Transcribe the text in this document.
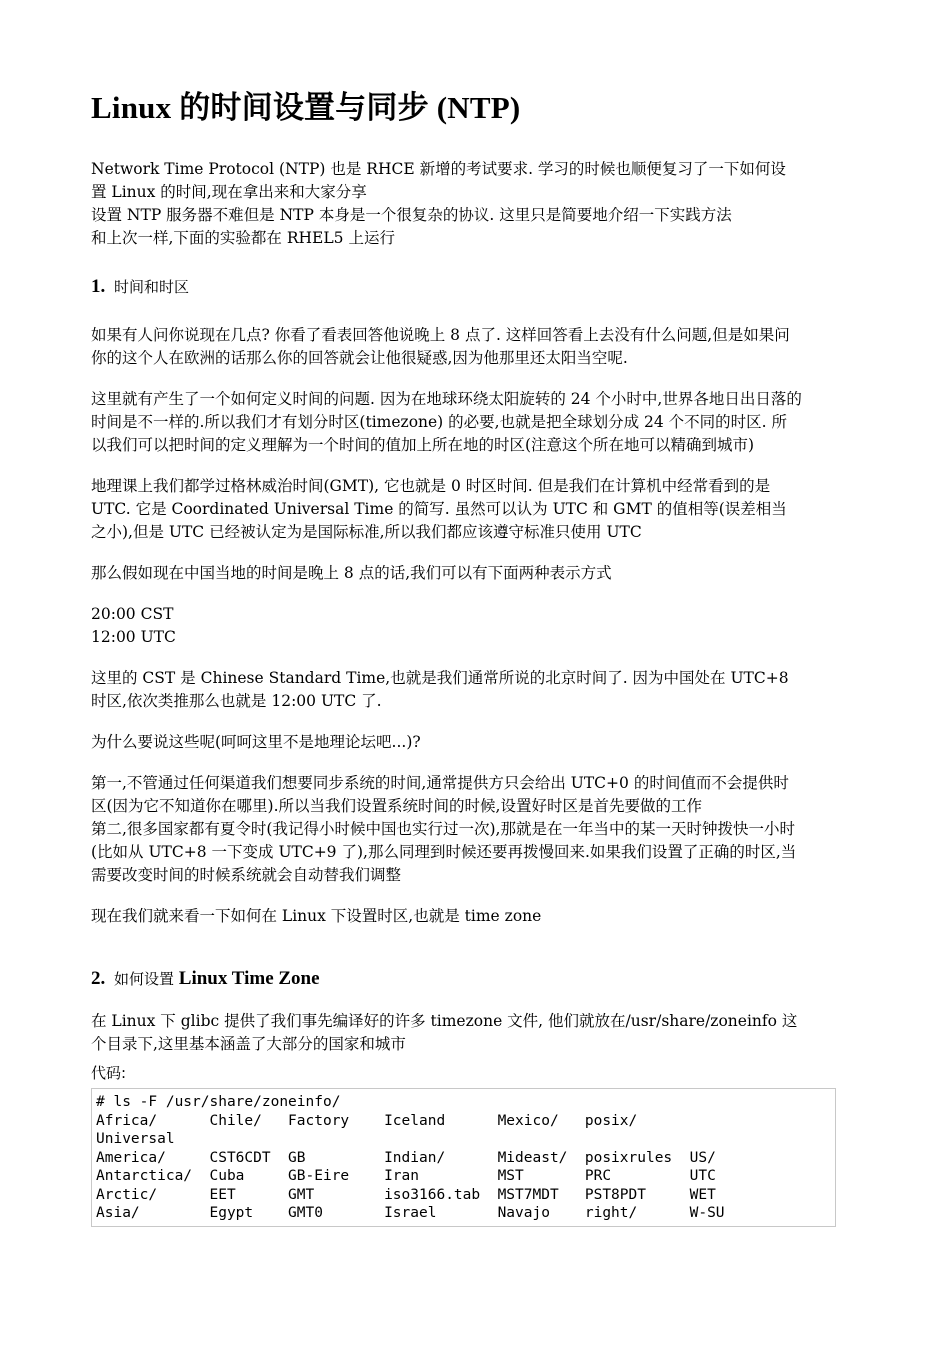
Linux 的时间设置与同步 (NTP)
Network Time Protocol (NTP) 也是 RHCE 新增的考试要求. 学习的时候也顺便复习了一下如何设
置 Linux 的时间,现在拿出来和大家分享
设置 NTP 服务器不难但是 NTP 本身是一个很复杂的协议. 这里只是简要地介绍一下实践方法
和上次一样,下面的实验都在 RHEL5 上运行
1. 时间和时区
如果有人问你说现在几点? 你看了看表回答他说晚上 8 点了. 这样回答看上去没有什么问题,但是如果问
你的这个人在欧洲的话那么你的回答就会让他很疑惑,因为他那里还太阳当空呢.
这里就有产生了一个如何定义时间的问题. 因为在地球环绕太阳旋转的 24 个小时中,世界各地日出日落的
时间是不一样的.所以我们才有划分时区(timezone) 的必要,也就是把全球划分成 24 个不同的时区. 所
以我们可以把时间的定义理解为一个时间的值加上所在地的时区(注意这个所在地可以精确到城市)
地理课上我们都学过格林威治时间(GMT), 它也就是 0 时区时间. 但是我们在计算机中经常看到的是
UTC. 它是 Coordinated Universal Time 的简写. 虽然可以认为 UTC 和 GMT 的值相等(误差相当
之小),但是 UTC 已经被认定为是国际标准,所以我们都应该遵守标准只使用 UTC
那么假如现在中国当地的时间是晚上 8 点的话,我们可以有下面两种表示方式
20:00 CST
12:00 UTC
这里的 CST 是 Chinese Standard Time,也就是我们通常所说的北京时间了. 因为中国处在 UTC+8
时区,依次类推那么也就是 12:00 UTC 了.
为什么要说这些呢(呵呵这里不是地理论坛吧...)?
第一,不管通过任何渠道我们想要同步系统的时间,通常提供方只会给出 UTC+0 的时间值而不会提供时
区(因为它不知道你在哪里).所以当我们设置系统时间的时候,设置好时区是首先要做的工作
第二,很多国家都有夏令时(我记得小时候中国也实行过一次),那就是在一年当中的某一天时钟拨快一小时
(比如从 UTC+8 一下变成 UTC+9 了),那么同理到时候还要再拨慢回来.如果我们设置了正确的时区,当
需要改变时间的时候系统就会自动替我们调整
现在我们就来看一下如何在 Linux 下设置时区,也就是 time zone
2. 如何设置 Linux Time Zone
在 Linux 下 glibc 提供了我们事先编译好的许多 timezone 文件, 他们就放在/usr/share/zoneinfo 这
个目录下,这里基本涵盖了大部分的国家和城市
代码:
# ls -F /usr/share/zoneinfo/
Africa/      Chile/   Factory    Iceland      Mexico/   posix/
Universal
America/     CST6CDT  GB         Indian/      Mideast/  posixrules  US/
Antarctica/  Cuba     GB-Eire    Iran         MST       PRC         UTC
Arctic/      EET      GMT        iso3166.tab  MST7MDT   PST8PDT     WET
Asia/        Egypt    GMT0       Israel       Navajo    right/      W-SU
